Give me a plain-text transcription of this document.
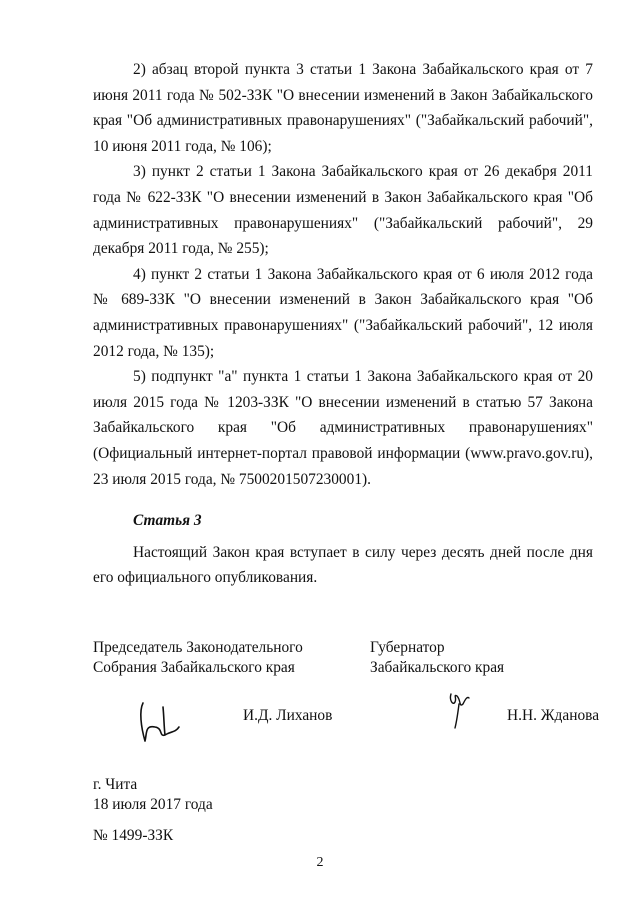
2) абзац второй пункта 3 статьи 1 Закона Забайкальского края от 7 июня 2011 года № 502-ЗЗК "О внесении изменений в Закон Забайкальского края "Об административных правонарушениях" ("Забайкальский рабочий", 10 июня 2011 года, № 106);

3) пункт 2 статьи 1 Закона Забайкальского края от 26 декабря 2011 года № 622-ЗЗК "О внесении изменений в Закон Забайкальского края "Об административных правонарушениях" ("Забайкальский рабочий", 29 декабря 2011 года, № 255);

4) пункт 2 статьи 1 Закона Забайкальского края от 6 июля 2012 года № 689-ЗЗК "О внесении изменений в Закон Забайкальского края "Об административных правонарушениях" ("Забайкальский рабочий", 12 июля 2012 года, № 135);

5) подпункт "а" пункта 1 статьи 1 Закона Забайкальского края от 20 июля 2015 года № 1203-ЗЗК "О внесении изменений в статью 57 Закона Забайкальского края "Об административных правонарушениях" (Официальный интернет-портал правовой информации (www.pravo.gov.ru), 23 июля 2015 года, № 7500201507230001).

Статья 3

Настоящий Закон края вступает в силу через десять дней после дня его официального опубликования.

Председатель Законодательного
Собрания Забайкальского края
Губернатор
Забайкальского края
И.Д. Лиханов	Н.Н. Жданова
г. Чита
18 июля 2017 года
№ 1499-ЗЗК
2
